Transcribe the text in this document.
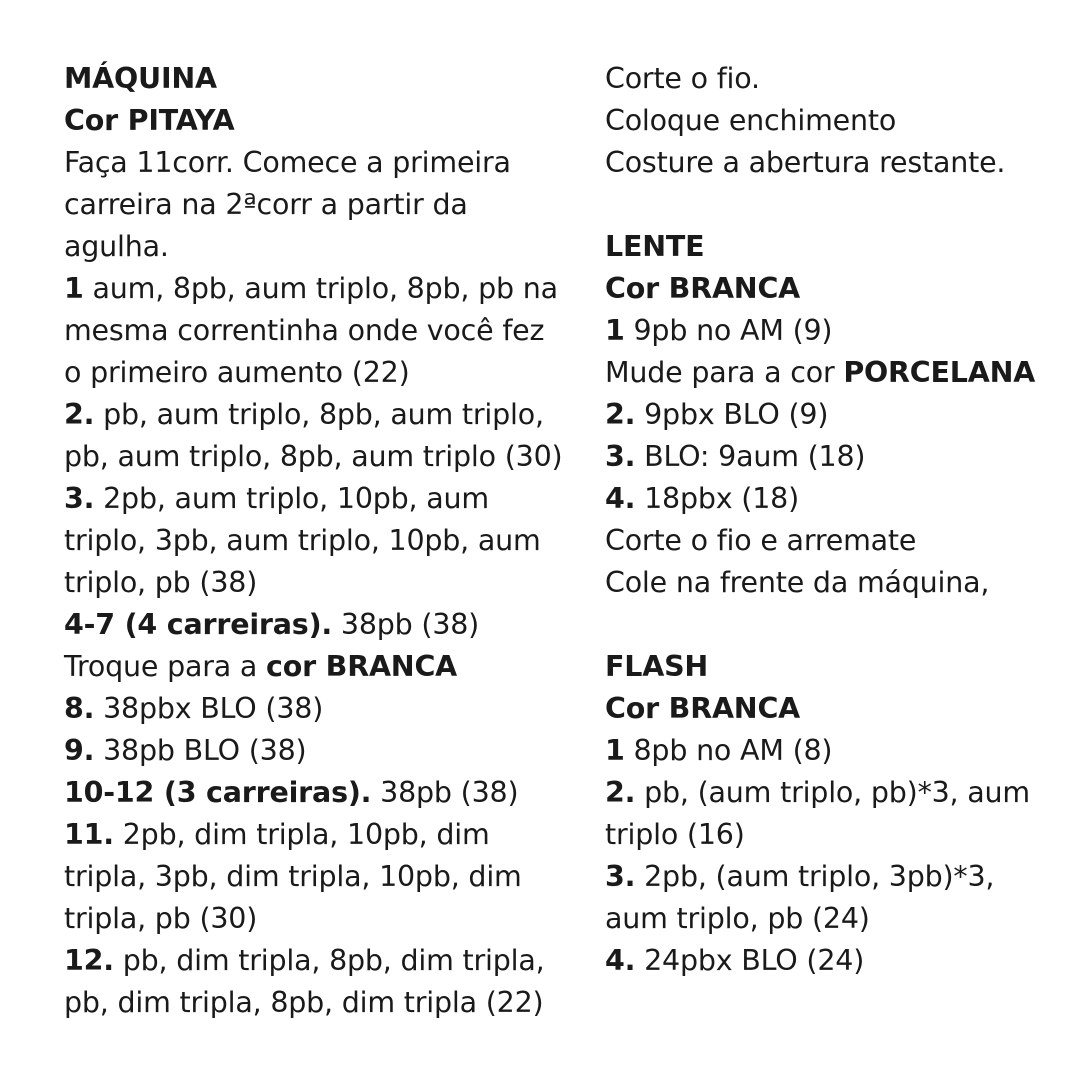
MÁQUINA
Cor PITAYA
Faça 11corr. Comece a primeira
carreira na 2ªcorr a partir da
agulha.
1 aum, 8pb, aum triplo, 8pb, pb na
mesma correntinha onde você fez
o primeiro aumento (22)
2. pb, aum triplo, 8pb, aum triplo,
pb, aum triplo, 8pb, aum triplo (30)
3. 2pb, aum triplo, 10pb, aum
triplo, 3pb, aum triplo, 10pb, aum
triplo, pb (38)
4-7 (4 carreiras). 38pb (38)
Troque para a cor BRANCA
8. 38pbx BLO (38)
9. 38pb BLO (38)
10-12 (3 carreiras). 38pb (38)
11. 2pb, dim tripla, 10pb, dim
tripla, 3pb, dim tripla, 10pb, dim
tripla, pb (30)
12. pb, dim tripla, 8pb, dim tripla,
pb, dim tripla, 8pb, dim tripla (22)
Corte o fio.
Coloque enchimento
Costure a abertura restante.
LENTE
Cor BRANCA
1 9pb no AM (9)
Mude para a cor PORCELANA
2. 9pbx BLO (9)
3. BLO: 9aum (18)
4. 18pbx (18)
Corte o fio e arremate
Cole na frente da máquina,
FLASH
Cor BRANCA
1 8pb no AM (8)
2. pb, (aum triplo, pb)*3, aum
triplo (16)
3. 2pb, (aum triplo, 3pb)*3,
aum triplo, pb (24)
4. 24pbx BLO (24)
